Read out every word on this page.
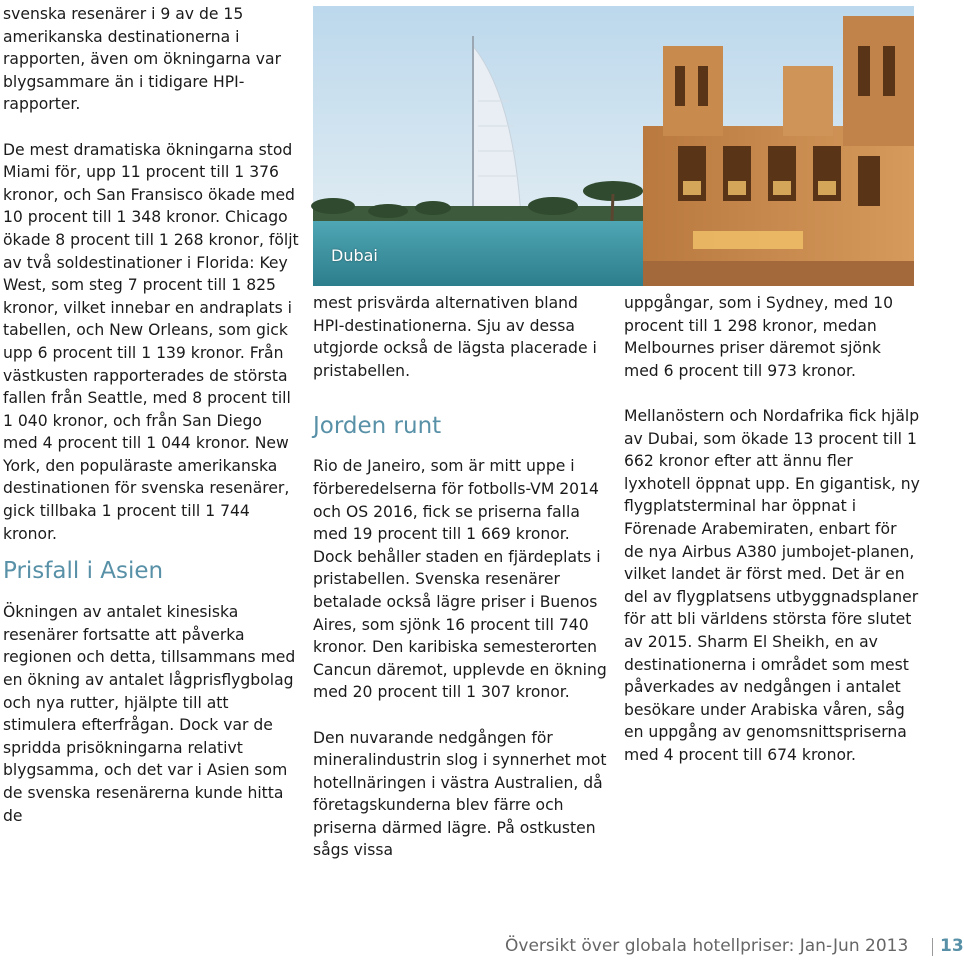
svenska resenärer i 9 av de 15 amerikanska destinationerna i rapporten, även om ökningarna var blygsammare än i tidigare HPI-rapporter.

De mest dramatiska ökningarna stod Miami för, upp 11 procent till 1 376 kronor, och San Fransisco ökade med 10 procent till 1 348 kronor. Chicago ökade 8 procent till 1 268 kronor, följt av två soldestinationer i Florida: Key West, som steg 7 procent till 1 825 kronor, vilket innebar en andraplats i tabellen, och New Orleans, som gick upp 6 procent till 1 139 kronor. Från västkusten rapporterades de största fallen från Seattle, med 8 procent till 1 040 kronor, och från San Diego med 4 procent till 1 044 kronor. New York, den populäraste amerikanska destinationen för svenska resenärer, gick tillbaka 1 procent till 1 744 kronor.

Prisfall i Asien

Ökningen av antalet kinesiska resenärer fortsatte att påverka regionen och detta, tillsammans med en ökning av antalet lågprisflygbolag och nya rutter, hjälpte till att stimulera efterfrågan. Dock var de spridda prisökningarna relativt blygsamma, och det var i Asien som de svenska resenärerna kunde hitta de

Dubai

mest prisvärda alternativen bland HPI-destinationerna. Sju av dessa utgjorde också de lägsta placerade i pristabellen.

Jorden runt

Rio de Janeiro, som är mitt uppe i förberedelserna för fotbolls-VM 2014 och OS 2016, fick se priserna falla med 19 procent till 1 669 kronor. Dock behåller staden en fjärdeplats i pristabellen. Svenska resenärer betalade också lägre priser i Buenos Aires, som sjönk 16 procent till 740 kronor. Den karibiska semesterorten Cancun däremot, upplevde en ökning med 20 procent till 1 307 kronor.

Den nuvarande nedgången för mineralindustrin slog i synnerhet mot hotellnäringen i västra Australien, då företagskunderna blev färre och priserna därmed lägre. På ostkusten sågs vissa

uppgångar, som i Sydney, med 10 procent till 1 298 kronor, medan Melbournes priser däremot sjönk med 6 procent till 973 kronor.

Mellanöstern och Nordafrika fick hjälp av Dubai, som ökade 13 procent till 1 662 kronor efter att ännu fler lyxhotell öppnat upp. En gigantisk, ny flygplatsterminal har öppnat i Förenade Arabemiraten, enbart för de nya Airbus A380 jumbojet-planen, vilket landet är först med. Det är en del av flygplatsens utbyggnadsplaner för att bli världens största före slutet av 2015. Sharm El Sheikh, en av destinationerna i området som mest påverkades av nedgången i antalet besökare under Arabiska våren, såg en uppgång av genomsnittspriserna med 4 procent till 674 kronor.

Översikt över globala hotellpriser: Jan-Jun 2013 13
